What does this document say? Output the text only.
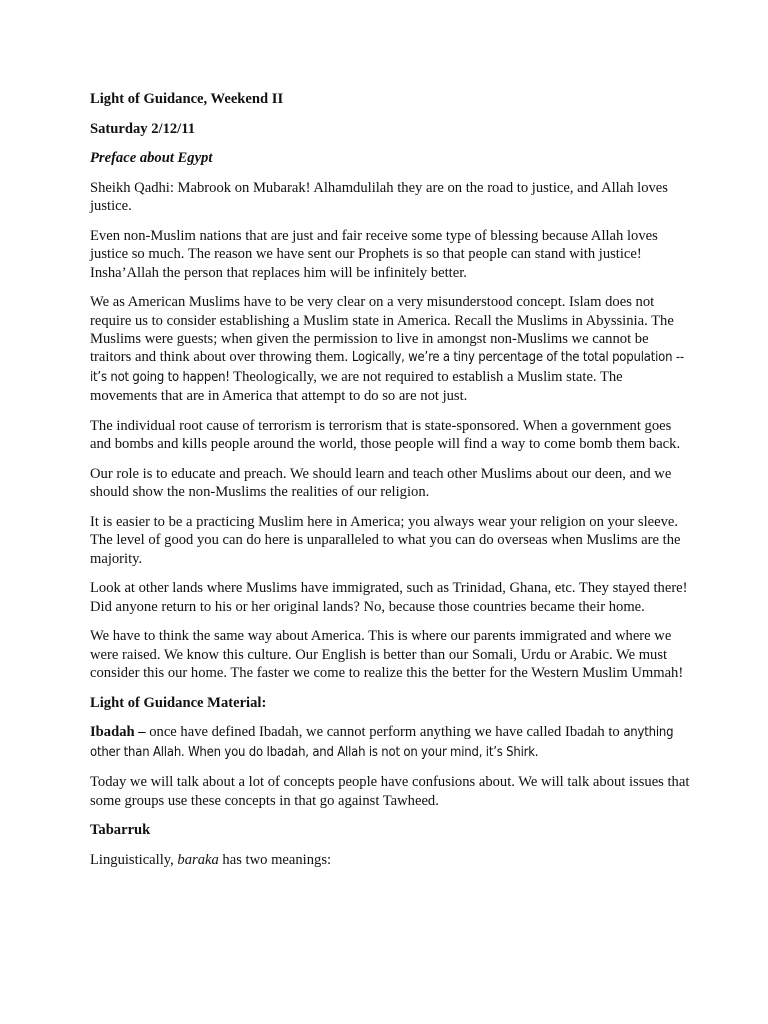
Light of Guidance, Weekend II

Saturday 2/12/11

Preface about Egypt

Sheikh Qadhi: Mabrook on Mubarak! Alhamdulilah they are on the road to justice, and Allah loves justice.

Even non-Muslim nations that are just and fair receive some type of blessing because Allah loves justice so much. The reason we have sent our Prophets is so that people can stand with justice! Insha’Allah the person that replaces him will be infinitely better.

We as American Muslims have to be very clear on a very misunderstood concept. Islam does not require us to consider establishing a Muslim state in America. Recall the Muslims in Abyssinia. The Muslims were guests; when given the permission to live in amongst non-Muslims we cannot be traitors and think about over throwing them. Logically, we’re a tiny percentage of the total population -- it’s not going to happen! Theologically, we are not required to establish a Muslim state. The movements that are in America that attempt to do so are not just.

The individual root cause of terrorism is terrorism that is state-sponsored. When a government goes and bombs and kills people around the world, those people will find a way to come bomb them back.

Our role is to educate and preach. We should learn and teach other Muslims about our deen, and we should show the non-Muslims the realities of our religion.

It is easier to be a practicing Muslim here in America; you always wear your religion on your sleeve. The level of good you can do here is unparalleled to what you can do overseas when Muslims are the majority.

Look at other lands where Muslims have immigrated, such as Trinidad, Ghana, etc. They stayed there! Did anyone return to his or her original lands? No, because those countries became their home.

We have to think the same way about America. This is where our parents immigrated and where we were raised. We know this culture. Our English is better than our Somali, Urdu or Arabic. We must consider this our home. The faster we come to realize this the better for the Western Muslim Ummah!

Light of Guidance Material:

Ibadah – once have defined Ibadah, we cannot perform anything we have called Ibadah to anything other than Allah. When you do Ibadah, and Allah is not on your mind, it’s Shirk.

Today we will talk about a lot of concepts people have confusions about. We will talk about issues that some groups use these concepts in that go against Tawheed.

Tabarruk

Linguistically, baraka has two meanings:
